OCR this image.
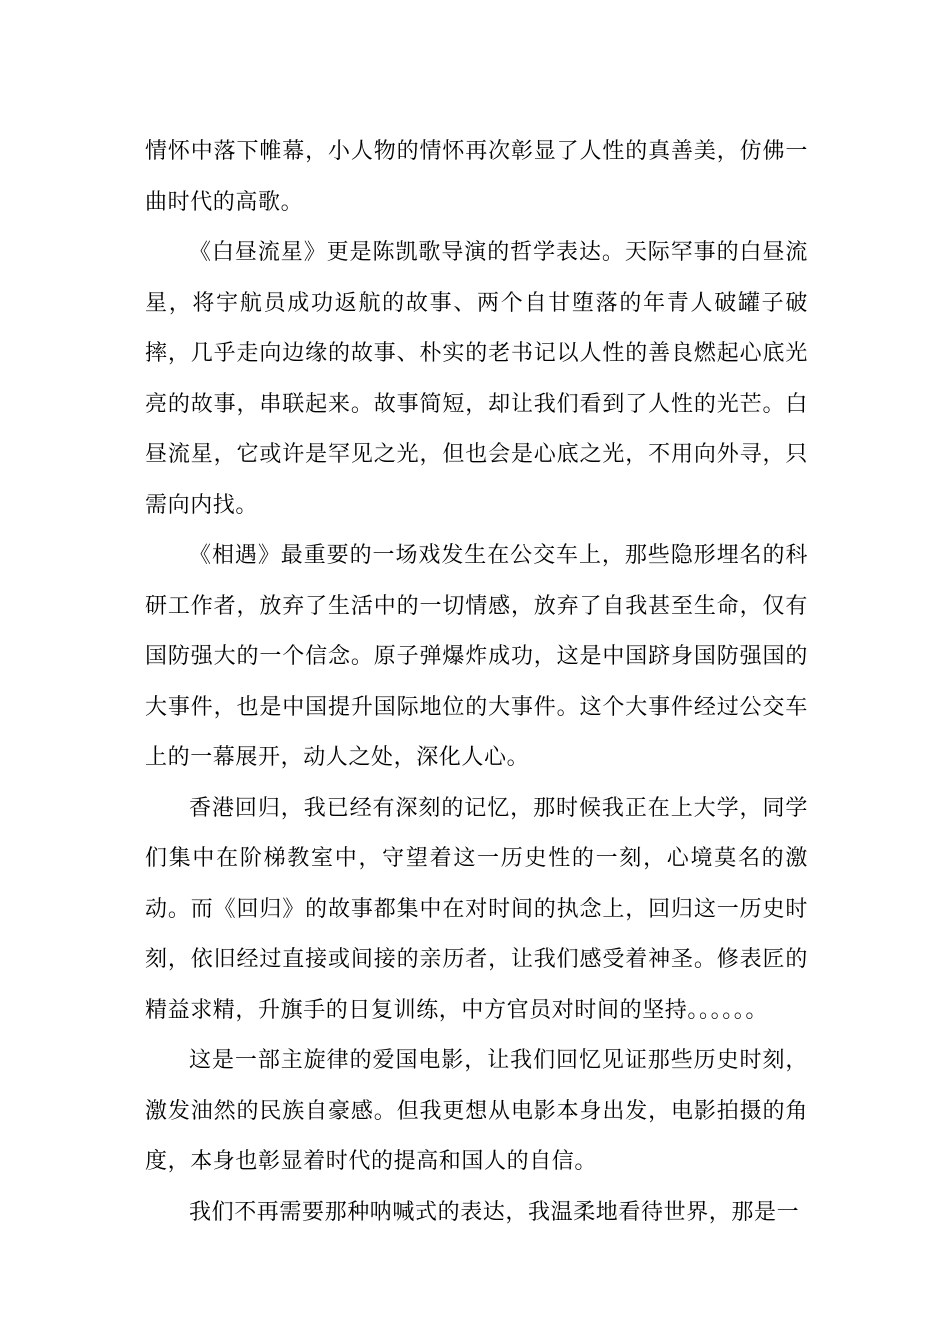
情怀中落下帷幕，小人物的情怀再次彰显了人性的真善美，仿佛一曲时代的高歌。

《白昼流星》更是陈凯歌导演的哲学表达。天际罕事的白昼流星，将宇航员成功返航的故事、两个自甘堕落的年青人破罐子破摔，几乎走向边缘的故事、朴实的老书记以人性的善良燃起心底光亮的故事，串联起来。故事简短，却让我们看到了人性的光芒。白昼流星，它或许是罕见之光，但也会是心底之光，不用向外寻，只需向内找。

《相遇》最重要的一场戏发生在公交车上，那些隐形埋名的科研工作者，放弃了生活中的一切情感，放弃了自我甚至生命，仅有国防强大的一个信念。原子弹爆炸成功，这是中国跻身国防强国的大事件，也是中国提升国际地位的大事件。这个大事件经过公交车上的一幕展开，动人之处，深化人心。

香港回归，我已经有深刻的记忆，那时候我正在上大学，同学们集中在阶梯教室中，守望着这一历史性的一刻，心境莫名的激动。而《回归》的故事都集中在对时间的执念上，回归这一历史时刻，依旧经过直接或间接的亲历者，让我们感受着神圣。修表匠的精益求精，升旗手的日复训练，中方官员对时间的坚持。。。。。。

这是一部主旋律的爱国电影，让我们回忆见证那些历史时刻，激发油然的民族自豪感。但我更想从电影本身出发，电影拍摄的角度，本身也彰显着时代的提高和国人的自信。

我们不再需要那种呐喊式的表达，我温柔地看待世界，那是一
